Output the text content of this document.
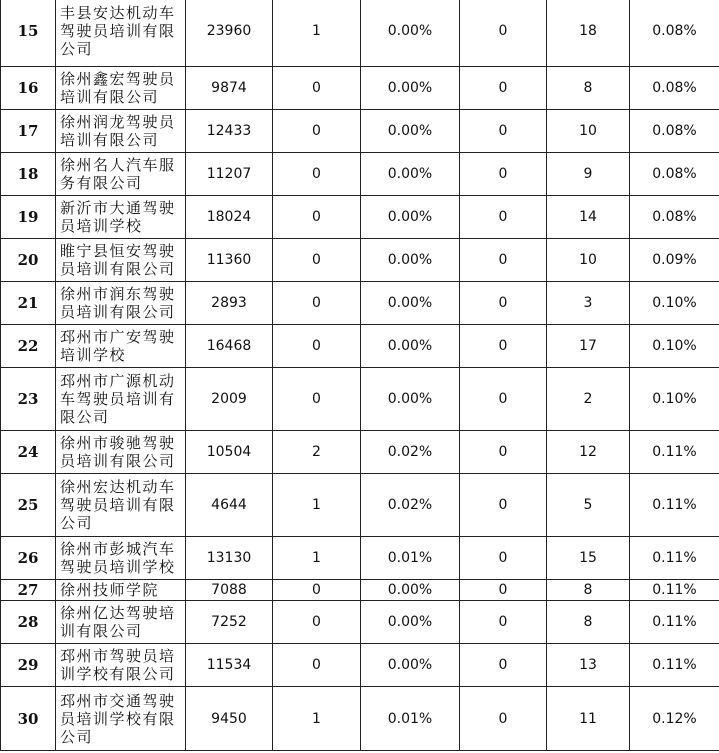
15	丰县安达机动车驾驶员培训有限公司	23960	1	0.00%	0	18	0.08%
16	徐州鑫宏驾驶员培训有限公司	9874	0	0.00%	0	8	0.08%
17	徐州润龙驾驶员培训有限公司	12433	0	0.00%	0	10	0.08%
18	徐州名人汽车服务有限公司	11207	0	0.00%	0	9	0.08%
19	新沂市大通驾驶员培训学校	18024	0	0.00%	0	14	0.08%
20	睢宁县恒安驾驶员培训有限公司	11360	0	0.00%	0	10	0.09%
21	徐州市润东驾驶员培训有限公司	2893	0	0.00%	0	3	0.10%
22	邳州市广安驾驶培训学校	16468	0	0.00%	0	17	0.10%
23	邳州市广源机动车驾驶员培训有限公司	2009	0	0.00%	0	2	0.10%
24	徐州市骏驰驾驶员培训有限公司	10504	2	0.02%	0	12	0.11%
25	徐州宏达机动车驾驶员培训有限公司	4644	1	0.02%	0	5	0.11%
26	徐州市彭城汽车驾驶员培训学校	13130	1	0.01%	0	15	0.11%
27	徐州技师学院	7088	0	0.00%	0	8	0.11%
28	徐州亿达驾驶培训有限公司	7252	0	0.00%	0	8	0.11%
29	邳州市驾驶员培训学校有限公司	11534	0	0.00%	0	13	0.11%
30	邳州市交通驾驶员培训学校有限公司	9450	1	0.01%	0	11	0.12%
